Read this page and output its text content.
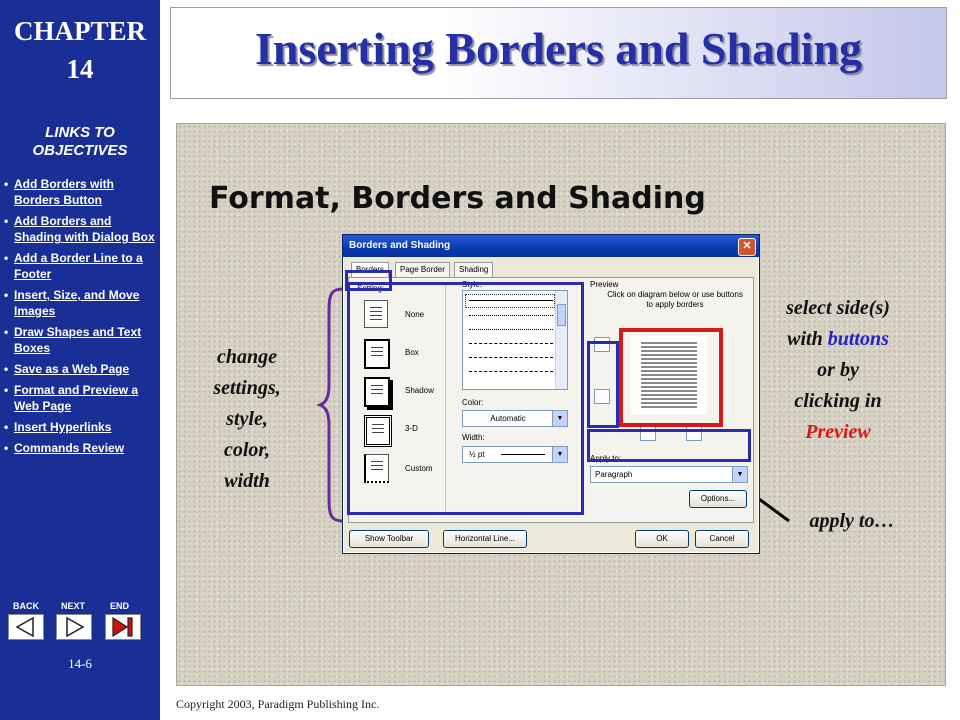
CHAPTER
14
LINKS TO
OBJECTIVES
• Add Borders with Borders Button
• Add Borders and Shading with Dialog Box
• Add a Border Line to a Footer
• Insert, Size, and Move Images
• Draw Shapes and Text Boxes
• Save as a Web Page
• Format and Preview a Web Page
• Insert Hyperlinks
• Commands Review
BACK NEXT	END
14-6
Inserting Borders and Shading
Format, Borders and Shading
change
settings,
style,
color,
width
select side(s)
with buttons
or by
clicking in
Preview
apply to…
Borders and Shading	✕
Borders	Page Border	Shading
Setting:
None
Box
Shadow
3-D
Custom
Style:
Color:
Automatic	▼
Width:
½ pt	▼
Preview
Click on diagram below or use buttons to apply borders
Apply to:
Paragraph	▼
Options...
Show Toolbar	Horizontal Line...	OK	Cancel
Copyright 2003, Paradigm Publishing Inc.
